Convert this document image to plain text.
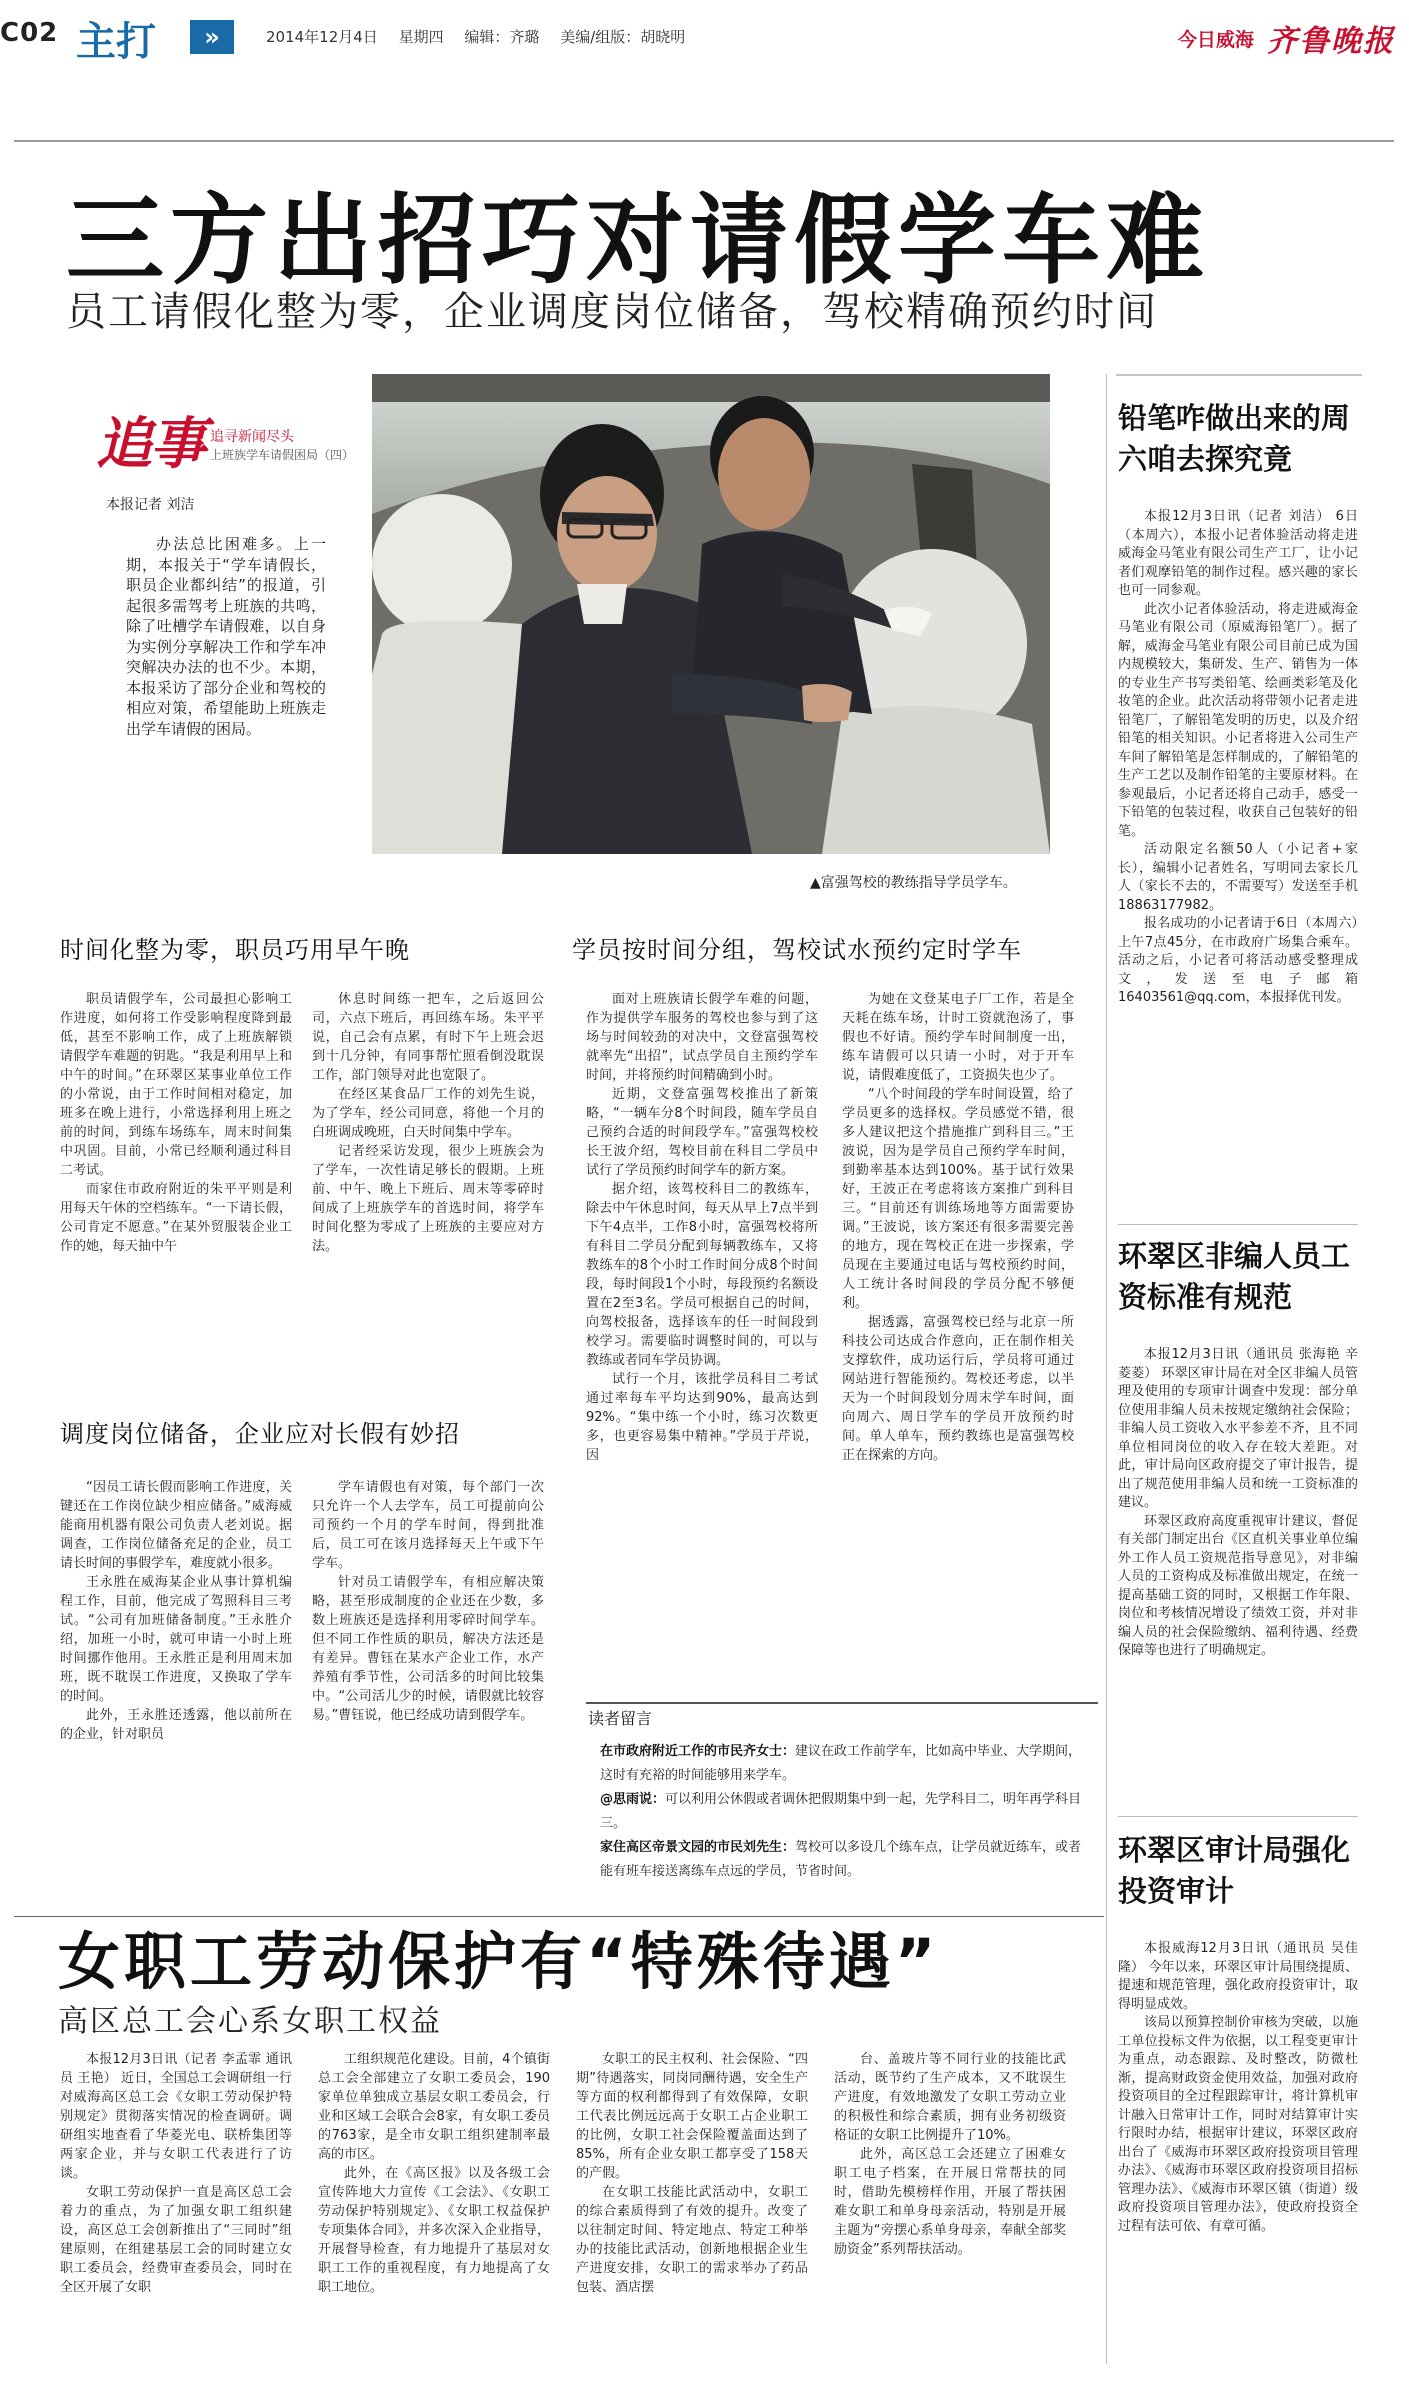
C02 主打	»	2014年12月4日 星期四 编辑：齐璐 美编/组版：胡晓明	今日威海 齐鲁晚报
三方出招巧对请假学车难
员工请假化整为零，企业调度岗位储备，驾校精确预约时间
追事 追寻新闻尽头
上班族学车请假困局（四）
本报记者 刘洁

办法总比困难多。上一期，本报关于“学车请假长，职员企业都纠结”的报道，引起很多需驾考上班族的共鸣，除了吐槽学车请假难，以自身为实例分享解决工作和学车冲突解决办法的也不少。本期，本报采访了部分企业和驾校的相应对策，希望能助上班族走出学车请假的困局。

▲富强驾校的教练指导学员学车。
时间化整为零，职员巧用早午晚

职员请假学车，公司最担心影响工作进度，如何将工作受影响程度降到最低，甚至不影响工作，成了上班族解锁请假学车难题的钥匙。“我是利用早上和中午的时间。”在环翠区某事业单位工作的小常说，由于工作时间相对稳定，加班多在晚上进行，小常选择利用上班之前的时间，到练车场练车，周末时间集中巩固。目前，小常已经顺利通过科目二考试。

而家住市政府附近的朱平平则是利用每天午休的空档练车。“一下请长假，公司肯定不愿意。”在某外贸服装企业工作的她，每天抽中午

休息时间练一把车，之后返回公司，六点下班后，再回练车场。朱平平说，自己会有点累，有时下午上班会迟到十几分钟，有同事帮忙照看倒没耽误工作，部门领导对此也宽限了。

在经区某食品厂工作的刘先生说，为了学车，经公司同意，将他一个月的白班调成晚班，白天时间集中学车。

记者经采访发现，很少上班族会为了学车，一次性请足够长的假期。上班前、中午、晚上下班后、周末等零碎时间成了上班族学车的首选时间，将学车时间化整为零成了上班族的主要应对方法。

调度岗位储备，企业应对长假有妙招

“因员工请长假而影响工作进度，关键还在工作岗位缺少相应储备。”威海威能商用机器有限公司负责人老刘说。据调查，工作岗位储备充足的企业，员工请长时间的事假学车，难度就小很多。

王永胜在威海某企业从事计算机编程工作，目前，他完成了驾照科目三考试。“公司有加班储备制度。”王永胜介绍，加班一小时，就可申请一小时上班时间挪作他用。王永胜正是利用周末加班，既不耽误工作进度，又换取了学车的时间。

此外，王永胜还透露，他以前所在的企业，针对职员

学车请假也有对策，每个部门一次只允许一个人去学车，员工可提前向公司预约一个月的学车时间，得到批准后，员工可在该月选择每天上午或下午学车。

针对员工请假学车，有相应解决策略，甚至形成制度的企业还在少数，多数上班族还是选择利用零碎时间学车。但不同工作性质的职员，解决方法还是有差异。曹钰在某水产企业工作，水产养殖有季节性，公司活多的时间比较集中。“公司活儿少的时候，请假就比较容易。”曹钰说，他已经成功请到假学车。

学员按时间分组，驾校试水预约定时学车

面对上班族请长假学车难的问题，作为提供学车服务的驾校也参与到了这场与时间较劲的对决中，文登富强驾校就率先“出招”，试点学员自主预约学车时间，并将预约时间精确到小时。

近期，文登富强驾校推出了新策略，“一辆车分8个时间段，随车学员自己预约合适的时间段学车。”富强驾校校长王波介绍，驾校目前在科目二学员中试行了学员预约时间学车的新方案。

据介绍，该驾校科目二的教练车，除去中午休息时间，每天从早上7点半到下午4点半，工作8小时，富强驾校将所有科目二学员分配到每辆教练车，又将教练车的8个小时工作时间分成8个时间段，每时间段1个小时，每段预约名额设置在2至3名。学员可根据自己的时间，向驾校报备，选择该车的任一时间段到校学习。需要临时调整时间的，可以与教练或者同车学员协调。

试行一个月，该批学员科目二考试通过率每车平均达到90%，最高达到92%。“集中练一个小时，练习次数更多，也更容易集中精神。”学员于芹说，因

为她在文登某电子厂工作，若是全天耗在练车场，计时工资就泡汤了，事假也不好请。预约学车时间制度一出，练车请假可以只请一小时，对于开车说，请假难度低了，工资损失也少了。

“八个时间段的学车时间设置，给了学员更多的选择权。学员感觉不错，很多人建议把这个措施推广到科目三。”王波说，因为是学员自己预约学车时间，到勤率基本达到100%。基于试行效果好，王波正在考虑将该方案推广到科目三。“目前还有训练场地等方面需要协调。”王波说，该方案还有很多需要完善的地方，现在驾校正在进一步探索，学员现在主要通过电话与驾校预约时间，人工统计各时间段的学员分配不够便利。

据透露，富强驾校已经与北京一所科技公司达成合作意向，正在制作相关支撑软件，成功运行后，学员将可通过网站进行智能预约。驾校还考虑，以半天为一个时间段划分周末学车时间，面向周六、周日学车的学员开放预约时间。单人单车，预约教练也是富强驾校正在探索的方向。

读者留言

在市政府附近工作的市民齐女士：建议在政工作前学车，比如高中毕业、大学期间，这时有充裕的时间能够用来学车。

@思雨说：可以利用公休假或者调休把假期集中到一起，先学科目二，明年再学科目三。

家住高区帝景文园的市民刘先生：驾校可以多设几个练车点，让学员就近练车，或者能有班车接送离练车点远的学员，节省时间。

铅笔咋做出来的周六咱去探究竟

本报12月3日讯（记者 刘洁） 6日（本周六），本报小记者体验活动将走进威海金马笔业有限公司生产工厂，让小记者们观摩铅笔的制作过程。感兴趣的家长也可一同参观。

此次小记者体验活动，将走进威海金马笔业有限公司（原威海铅笔厂）。据了解，威海金马笔业有限公司目前已成为国内规模较大，集研发、生产、销售为一体的专业生产书写类铅笔、绘画类彩笔及化妆笔的企业。此次活动将带领小记者走进铅笔厂，了解铅笔发明的历史，以及介绍铅笔的相关知识。小记者将进入公司生产车间了解铅笔是怎样制成的，了解铅笔的生产工艺以及制作铅笔的主要原材料。在参观最后，小记者还将自己动手，感受一下铅笔的包装过程，收获自己包装好的铅笔。

活动限定名额50人（小记者+家长），编辑小记者姓名，写明同去家长几人（家长不去的，不需要写）发送至手机18863177982。

报名成功的小记者请于6日（本周六）上午7点45分，在市政府广场集合乘车。活动之后，小记者可将活动感受整理成文，发送至电子邮箱16403561@qq.com，本报择优刊发。

环翠区非编人员工资标准有规范

本报12月3日讯（通讯员 张海艳 辛菱菱） 环翠区审计局在对全区非编人员管理及使用的专项审计调查中发现：部分单位使用非编人员未按规定缴纳社会保险；非编人员工资收入水平参差不齐，且不同单位相同岗位的收入存在较大差距。对此，审计局向区政府提交了审计报告，提出了规范使用非编人员和统一工资标准的建议。

环翠区政府高度重视审计建议，督促有关部门制定出台《区直机关事业单位编外工作人员工资规范指导意见》，对非编人员的工资构成及标准做出规定，在统一提高基础工资的同时，又根据工作年限、岗位和考核情况增设了绩效工资，并对非编人员的社会保险缴纳、福利待遇、经费保障等也进行了明确规定。

环翠区审计局强化投资审计

本报威海12月3日讯（通讯员 吴佳隆） 今年以来，环翠区审计局围绕提质、提速和规范管理，强化政府投资审计，取得明显成效。

该局以预算控制价审核为突破，以施工单位投标文件为依据，以工程变更审计为重点，动态跟踪、及时整改，防微杜渐，提高财政资金使用效益，加强对政府投资项目的全过程跟踪审计，将计算机审计融入日常审计工作，同时对结算审计实行限时办结，根据审计建议，环翠区政府出台了《威海市环翠区政府投资项目管理办法》、《威海市环翠区政府投资项目招标管理办法》、《威海市环翠区镇（街道）级政府投资项目管理办法》，使政府投资全过程有法可依、有章可循。

女职工劳动保护有“特殊待遇”
高区总工会心系女职工权益

本报12月3日讯（记者 李孟霏 通讯员 王艳） 近日，全国总工会调研组一行对威海高区总工会《女职工劳动保护特别规定》贯彻落实情况的检查调研。调研组实地查看了华菱光电、联桥集团等两家企业，并与女职工代表进行了访谈。

女职工劳动保护一直是高区总工会着力的重点，为了加强女职工组织建设，高区总工会创新推出了“三同时”组建原则，在组建基层工会的同时建立女职工委员会，经费审查委员会，同时在全区开展了女职

工组织规范化建设。目前，4个镇街总工会全部建立了女职工委员会，190家单位单独成立基层女职工委员会，行业和区域工会联合会8家，有女职工委员的763家，是全市女职工组织建制率最高的市区。

此外，在《高区报》以及各级工会宣传阵地大力宣传《工会法》、《女职工劳动保护特别规定》、《女职工权益保护专项集体合同》，并多次深入企业指导，开展督导检查，有力地提升了基层对女职工工作的重视程度，有力地提高了女职工地位。

女职工的民主权利、社会保险、“四期”待遇落实，同岗同酬待遇，安全生产等方面的权利都得到了有效保障，女职工代表比例远远高于女职工占企业职工的比例，女职工社会保险覆盖面达到了85%，所有企业女职工都享受了158天的产假。

在女职工技能比武活动中，女职工的综合素质得到了有效的提升。改变了以往制定时间、特定地点、特定工种举办的技能比武活动，创新地根据企业生产进度安排，女职工的需求举办了药品包装、酒店摆

台、盖玻片等不同行业的技能比武活动，既节约了生产成本，又不耽误生产进度，有效地激发了女职工劳动立业的积极性和综合素质，拥有业务初级资格证的女职工比例提升了10%。

此外，高区总工会还建立了困难女职工电子档案，在开展日常帮扶的同时，借助先模榜样作用，开展了帮扶困难女职工和单身母亲活动，特别是开展主题为“旁摆心系单身母亲，奉献全部奖励资金”系列帮扶活动。
